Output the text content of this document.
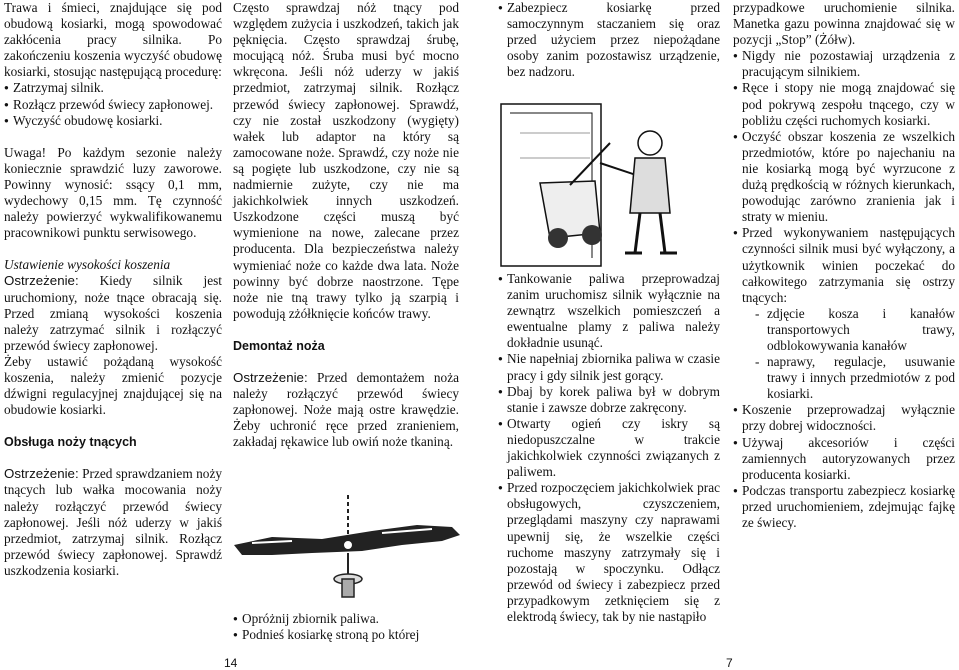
Trawa i śmieci, znajdujące się pod obudową kosiarki, mogą spowodować zakłócenia pracy silnika. Po zakończeniu koszenia wyczyść obudowę kosiarki, stosując następującą procedurę:

● Zatrzymaj silnik.

● Rozłącz przewód świecy zapłonowej.

● Wyczyść obudowę kosiarki.

Uwaga! Po każdym sezonie należy koniecznie sprawdzić luzy zaworowe. Powinny wynosić: ssący 0,1 mm, wydechowy 0,15 mm. Tę czynność należy powierzyć wykwalifikowanemu pracownikowi punktu serwisowego.

Ustawienie wysokości koszenia

Ostrzeżenie: Kiedy silnik jest uruchomiony, noże tnące obracają się. Przed zmianą wysokości koszenia należy zatrzymać silnik i rozłączyć przewód świecy zapłonowej.

Żeby ustawić pożądaną wysokość koszenia, należy zmienić pozycje dźwigni regulacyjnej znajdującej się na obudowie kosiarki.

Obsługa noży tnących

Ostrzeżenie: Przed sprawdzaniem noży tnących lub wałka mocowania noży należy rozłączyć przewód świecy zapłonowej. Jeśli nóż uderzy w jakiś przedmiot, zatrzymaj silnik. Rozłącz przewód świecy zapłonowej. Sprawdź uszkodzenia kosiarki.

Często sprawdzaj nóż tnący pod względem zużycia i uszkodzeń, takich jak pęknięcia. Często sprawdzaj śrubę, mocującą nóż. Śruba musi być mocno wkręcona. Jeśli nóż uderzy w jakiś przedmiot, zatrzymaj silnik. Rozłącz przewód świecy zapłonowej. Sprawdź, czy nie został uszkodzony (wygięty) wałek lub adaptor na który są zamocowane noże. Sprawdź, czy noże nie są pogięte lub uszkodzone, czy nie są nadmiernie zużyte, czy nie ma jakichkolwiek innych uszkodzeń. Uszkodzone części muszą być wymienione na nowe, zalecane przez producenta. Dla bezpieczeństwa należy wymieniać noże co każde dwa lata. Noże powinny być dobrze naostrzone. Tępe noże nie tną trawy tylko ją szarpią i powodują zżółknięcie końców trawy.

Demontaż noża

Ostrzeżenie: Przed demontażem noża należy rozłączyć przewód świecy zapłonowej. Noże mają ostre krawędzie. Żeby uchronić ręce przed zranieniem, zakładaj rękawice lub owiń noże tkaniną.

● Zabezpiecz kosiarkę przed samoczynnym staczaniem się oraz przed użyciem przez niepożądane osoby zanim pozostawisz urządzenie, bez nadzoru.

● Tankowanie paliwa przeprowadzaj zanim uruchomisz silnik wyłącznie na zewnątrz wszelkich pomieszczeń a ewentualne plamy z paliwa należy dokładnie usunąć.

● Nie napełniaj zbiornika paliwa w czasie pracy i gdy silnik jest gorący.

● Dbaj by korek paliwa był w dobrym stanie i zawsze dobrze zakręcony.

● Otwarty ogień czy iskry są niedopuszczalne w trakcie jakichkolwiek czynności związanych z paliwem.

● Przed rozpoczęciem jakichkolwiek prac obsługowych, czyszczeniem, przeglądami maszyny czy naprawami upewnij się, że wszelkie części ruchome maszyny zatrzymały się i pozostają w spoczynku. Odłącz przewód od świecy i zabezpiecz przed przypadkowym zetknięciem się z elektrodą świecy, tak by nie nastąpiło

● Opróżnij zbiornik paliwa.

● Podnieś kosiarkę stroną po której

przypadkowe uruchomienie silnika. Manetka gazu powinna znajdować się w pozycji „Stop” (Żółw).

● Nigdy nie pozostawiaj urządzenia z pracującym silnikiem.

● Ręce i stopy nie mogą znajdować się pod pokrywą zespołu tnącego, czy w pobliżu części ruchomych kosiarki.

● Oczyść obszar koszenia ze wszelkich przedmiotów, które po najechaniu na nie kosiarką mogą być wyrzucone z dużą prędkością w różnych kierunkach, powodując zarówno zranienia jak i straty w mieniu.

● Przed wykonywaniem następujących czynności silnik musi być wyłączony, a użytkownik winien poczekać do całkowitego zatrzymania się ostrzy tnących:

- zdjęcie kosza i kanałów transportowych trawy, odblokowywania kanałów

- naprawy, regulacje, usuwanie trawy i innych przedmiotów z pod kosiarki.

● Koszenie przeprowadzaj wyłącznie przy dobrej widoczności.

● Używaj akcesoriów i części zamiennych autoryzowanych przez producenta kosiarki.

● Podczas transportu zabezpiecz kosiarkę przed uruchomieniem, zdejmując fajkę ze świecy.

14	7
